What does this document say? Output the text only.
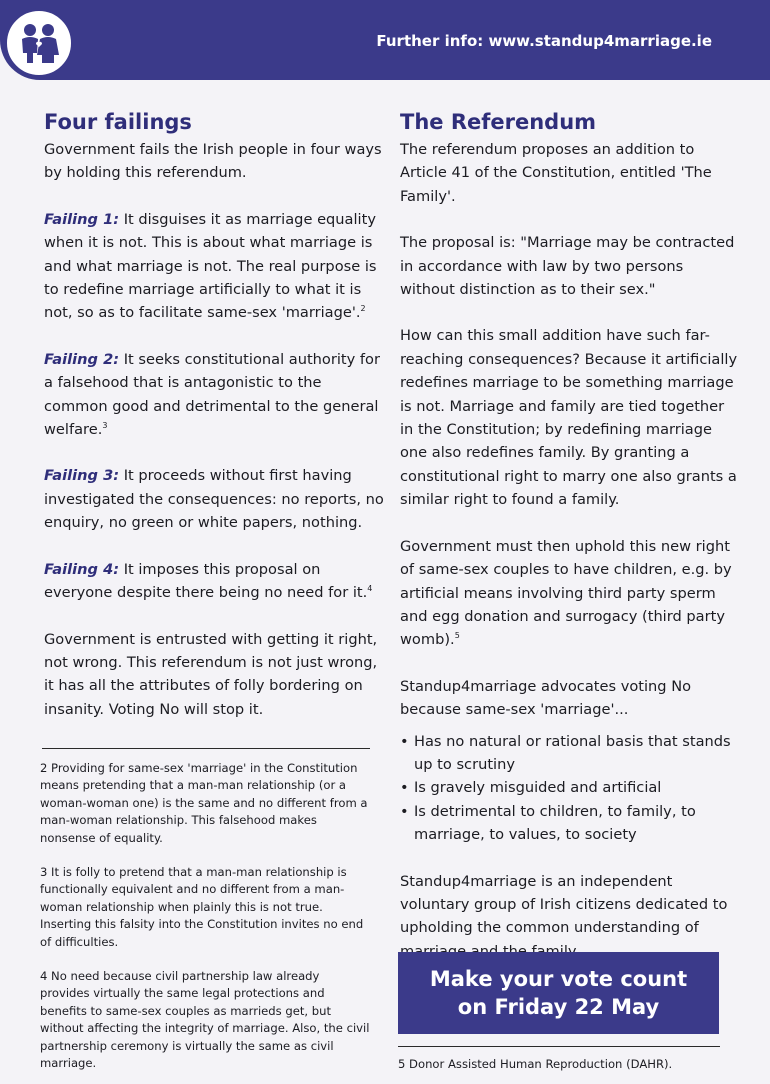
Further info: www.standup4marriage.ie
Four failings

Government fails the Irish people in four ways by holding this referendum.

Failing 1: It disguises it as marriage equality when it is not. This is about what marriage is and what marriage is not. The real purpose is to redefine marriage artificially to what it is not, so as to facilitate same-sex 'marriage'.$^2$

Failing 2: It seeks constitutional authority for a falsehood that is antagonistic to the common good and detrimental to the general welfare.$^3$

Failing 3: It proceeds without first having investigated the consequences: no reports, no enquiry, no green or white papers, nothing.

Failing 4: It imposes this proposal on everyone despite there being no need for it.$^4$

Government is entrusted with getting it right, not wrong. This referendum is not just wrong, it has all the attributes of folly bordering on insanity. Voting No will stop it.

2 Providing for same-sex 'marriage' in the Constitution means pretending that a man-man relationship (or a woman-woman one) is the same and no different from a man-woman relationship. This falsehood makes nonsense of equality.

3 It is folly to pretend that a man-man relationship is functionally equivalent and no different from a man-woman relationship when plainly this is not true. Inserting this falsity into the Constitution invites no end of difficulties.

4 No need because civil partnership law already provides virtually the same legal protections and benefits to same-sex couples as marrieds get, but without affecting the integrity of marriage. Also, the civil partnership ceremony is virtually the same as civil marriage.

The Referendum

The referendum proposes an addition to Article 41 of the Constitution, entitled 'The Family'.

The proposal is: "Marriage may be contracted in accordance with law by two persons without distinction as to their sex."

How can this small addition have such far-reaching consequences? Because it artificially redefines marriage to be something marriage is not. Marriage and family are tied together in the Constitution; by redefining marriage one also redefines family. By granting a constitutional right to marry one also grants a similar right to found a family.

Government must then uphold this new right of same-sex couples to have children, e.g. by artificial means involving third party sperm and egg donation and surrogacy (third party womb).$^5$

Standup4marriage advocates voting No because same-sex 'marriage'...

• Has no natural or rational basis that stands up to scrutiny
• Is gravely misguided and artificial
• Is detrimental to children, to family, to marriage, to values, to society

Standup4marriage is an independent voluntary group of Irish citizens dedicated to upholding the common understanding of

Make your vote count
on Friday 22 May

5 Donor Assisted Human Reproduction (DAHR).
